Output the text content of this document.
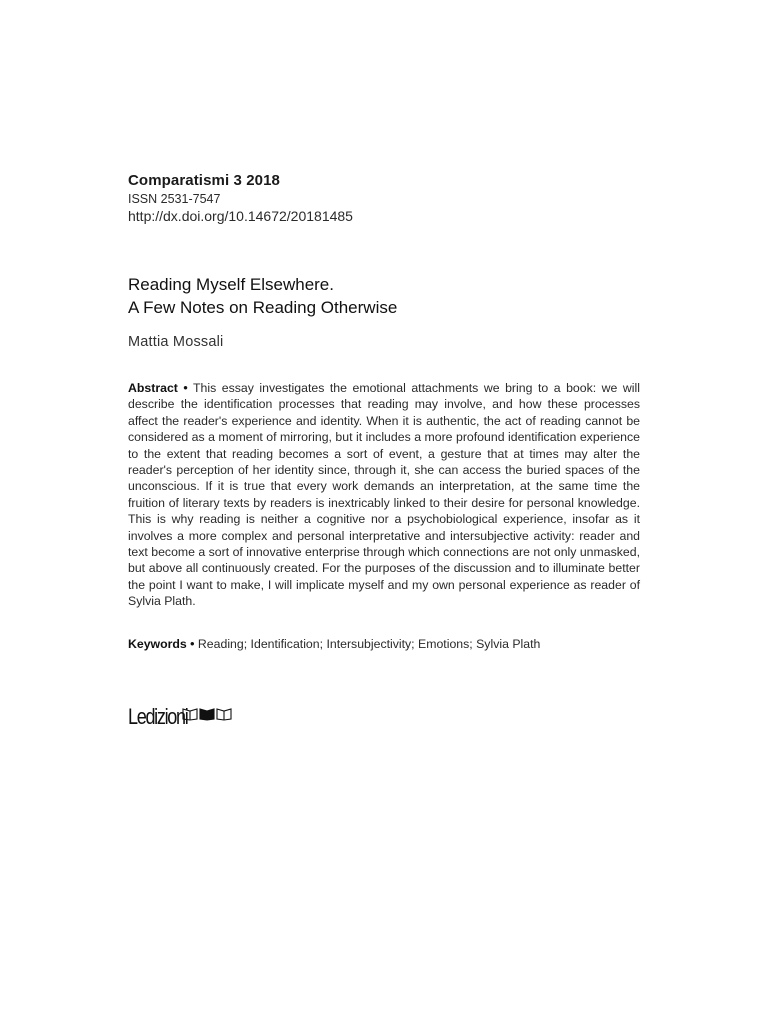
Comparatismi 3 2018
ISSN 2531-7547
http://dx.doi.org/10.14672/20181485
Reading Myself Elsewhere.
A Few Notes on Reading Otherwise
Mattia Mossali
Abstract • This essay investigates the emotional attachments we bring to a book: we will describe the identification processes that reading may involve, and how these processes affect the reader's experience and identity. When it is authentic, the act of reading cannot be considered as a moment of mirroring, but it includes a more profound identification experience to the extent that reading becomes a sort of event, a gesture that at times may alter the reader's perception of her identity since, through it, she can access the buried spaces of the unconscious. If it is true that every work demands an interpretation, at the same time the fruition of literary texts by readers is inextricably linked to their desire for personal knowledge. This is why reading is neither a cognitive nor a psychobiological experience, insofar as it involves a more complex and personal interpretative and intersubjective activity: reader and text become a sort of innovative enterprise through which connections are not only unmasked, but above all continuously created. For the purposes of the discussion and to illuminate better the point I want to make, I will implicate myself and my own personal experience as reader of Sylvia Plath.
Keywords • Reading; Identification; Intersubjectivity; Emotions; Sylvia Plath
Ledizioni
